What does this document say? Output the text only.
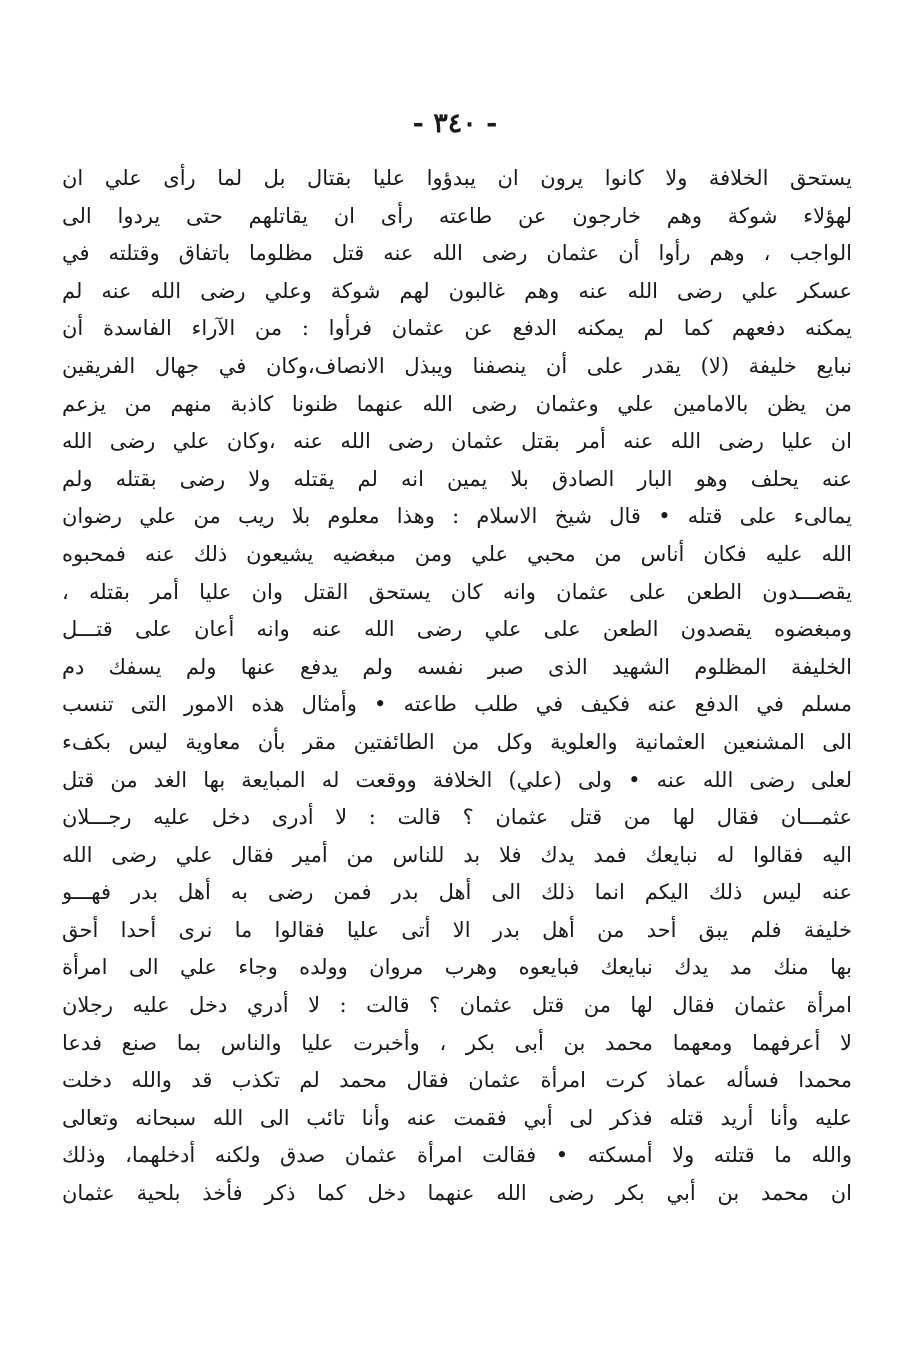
- ٣٤٠ -
يستحق الخلافة ولا كانوا يرون ان يبدؤوا عليا بقتال بل لما رأى علي ان
لهؤلاء شوكة وهم خارجون عن طاعته رأى ان يقاتلهم حتى يردوا الى
الواجب ، وهم رأوا أن عثمان رضى الله عنه قتل مظلوما باتفاق وقتلته في
عسكر علي رضى الله عنه وهم غالبون لهم شوكة وعلي رضى الله عنه لم
يمكنه دفعهم كما لم يمكنه الدفع عن عثمان فرأوا : من الآراء الفاسدة أن
نبايع خليفة (لا) يقدر على أن ينصفنا ويبذل الانصاف،وكان في جهال الفريقين
من يظن بالامامين علي وعثمان رضى الله عنهما ظنونا كاذبة منهم من يزعم
ان عليا رضى الله عنه أمر بقتل عثمان رضى الله عنه ،وكان علي رضى الله
عنه يحلف وهو البار الصادق بلا يمين انه لم يقتله ولا رضى بقتله ولم
يمالىء على قتله • قال شيخ الاسلام : وهذا معلوم بلا ريب من علي رضوان
الله عليه فكان أناس من محبي علي ومن مبغضيه يشيعون ذلك عنه فمحبوه
يقصـــدون الطعن على عثمان وانه كان يستحق القتل وان عليا أمر بقتله ،
ومبغضوه يقصدون الطعن على علي رضى الله عنه وانه أعان على قتـــل
الخليفة المظلوم الشهيد الذى صبر نفسه ولم يدفع عنها ولم يسفك دم
مسلم في الدفع عنه فكيف في طلب طاعته • وأمثال هذه الامور التى تنسب
الى المشنعين العثمانية والعلوية وكل من الطائفتين مقر بأن معاوية ليس بكفء
لعلى رضى الله عنه • ولى (علي) الخلافة ووقعت له المبايعة بها الغد من قتل
عثمـــان فقال لها من قتل عثمان ؟ قالت : لا أدرى دخل عليه رجـــلان
اليه فقالوا له نبايعك فمد يدك فلا بد للناس من أمير فقال علي رضى الله
عنه ليس ذلك اليكم انما ذلك الى أهل بدر فمن رضى به أهل بدر فهـــو
خليفة فلم يبق أحد من أهل بدر الا أتى عليا فقالوا ما نرى أحدا أحق
بها منك مد يدك نبايعك فبايعوه وهرب مروان وولده وجاء علي الى امرأة
امرأة عثمان فقال لها من قتل عثمان ؟ قالت : لا أدري دخل عليه رجلان
لا أعرفهما ومعهما محمد بن أبى بكر ، وأخبرت عليا والناس بما صنع فدعا
محمدا فسأله عماذ كرت امرأة عثمان فقال محمد لم تكذب قد والله دخلت
عليه وأنا أريد قتله فذكر لى أبي فقمت عنه وأنا تائب الى الله سبحانه وتعالى
والله ما قتلته ولا أمسكته • فقالت امرأة عثمان صدق ولكنه أدخلهما، وذلك
ان محمد بن أبي بكر رضى الله عنهما دخل كما ذكر فأخذ بلحية عثمان
